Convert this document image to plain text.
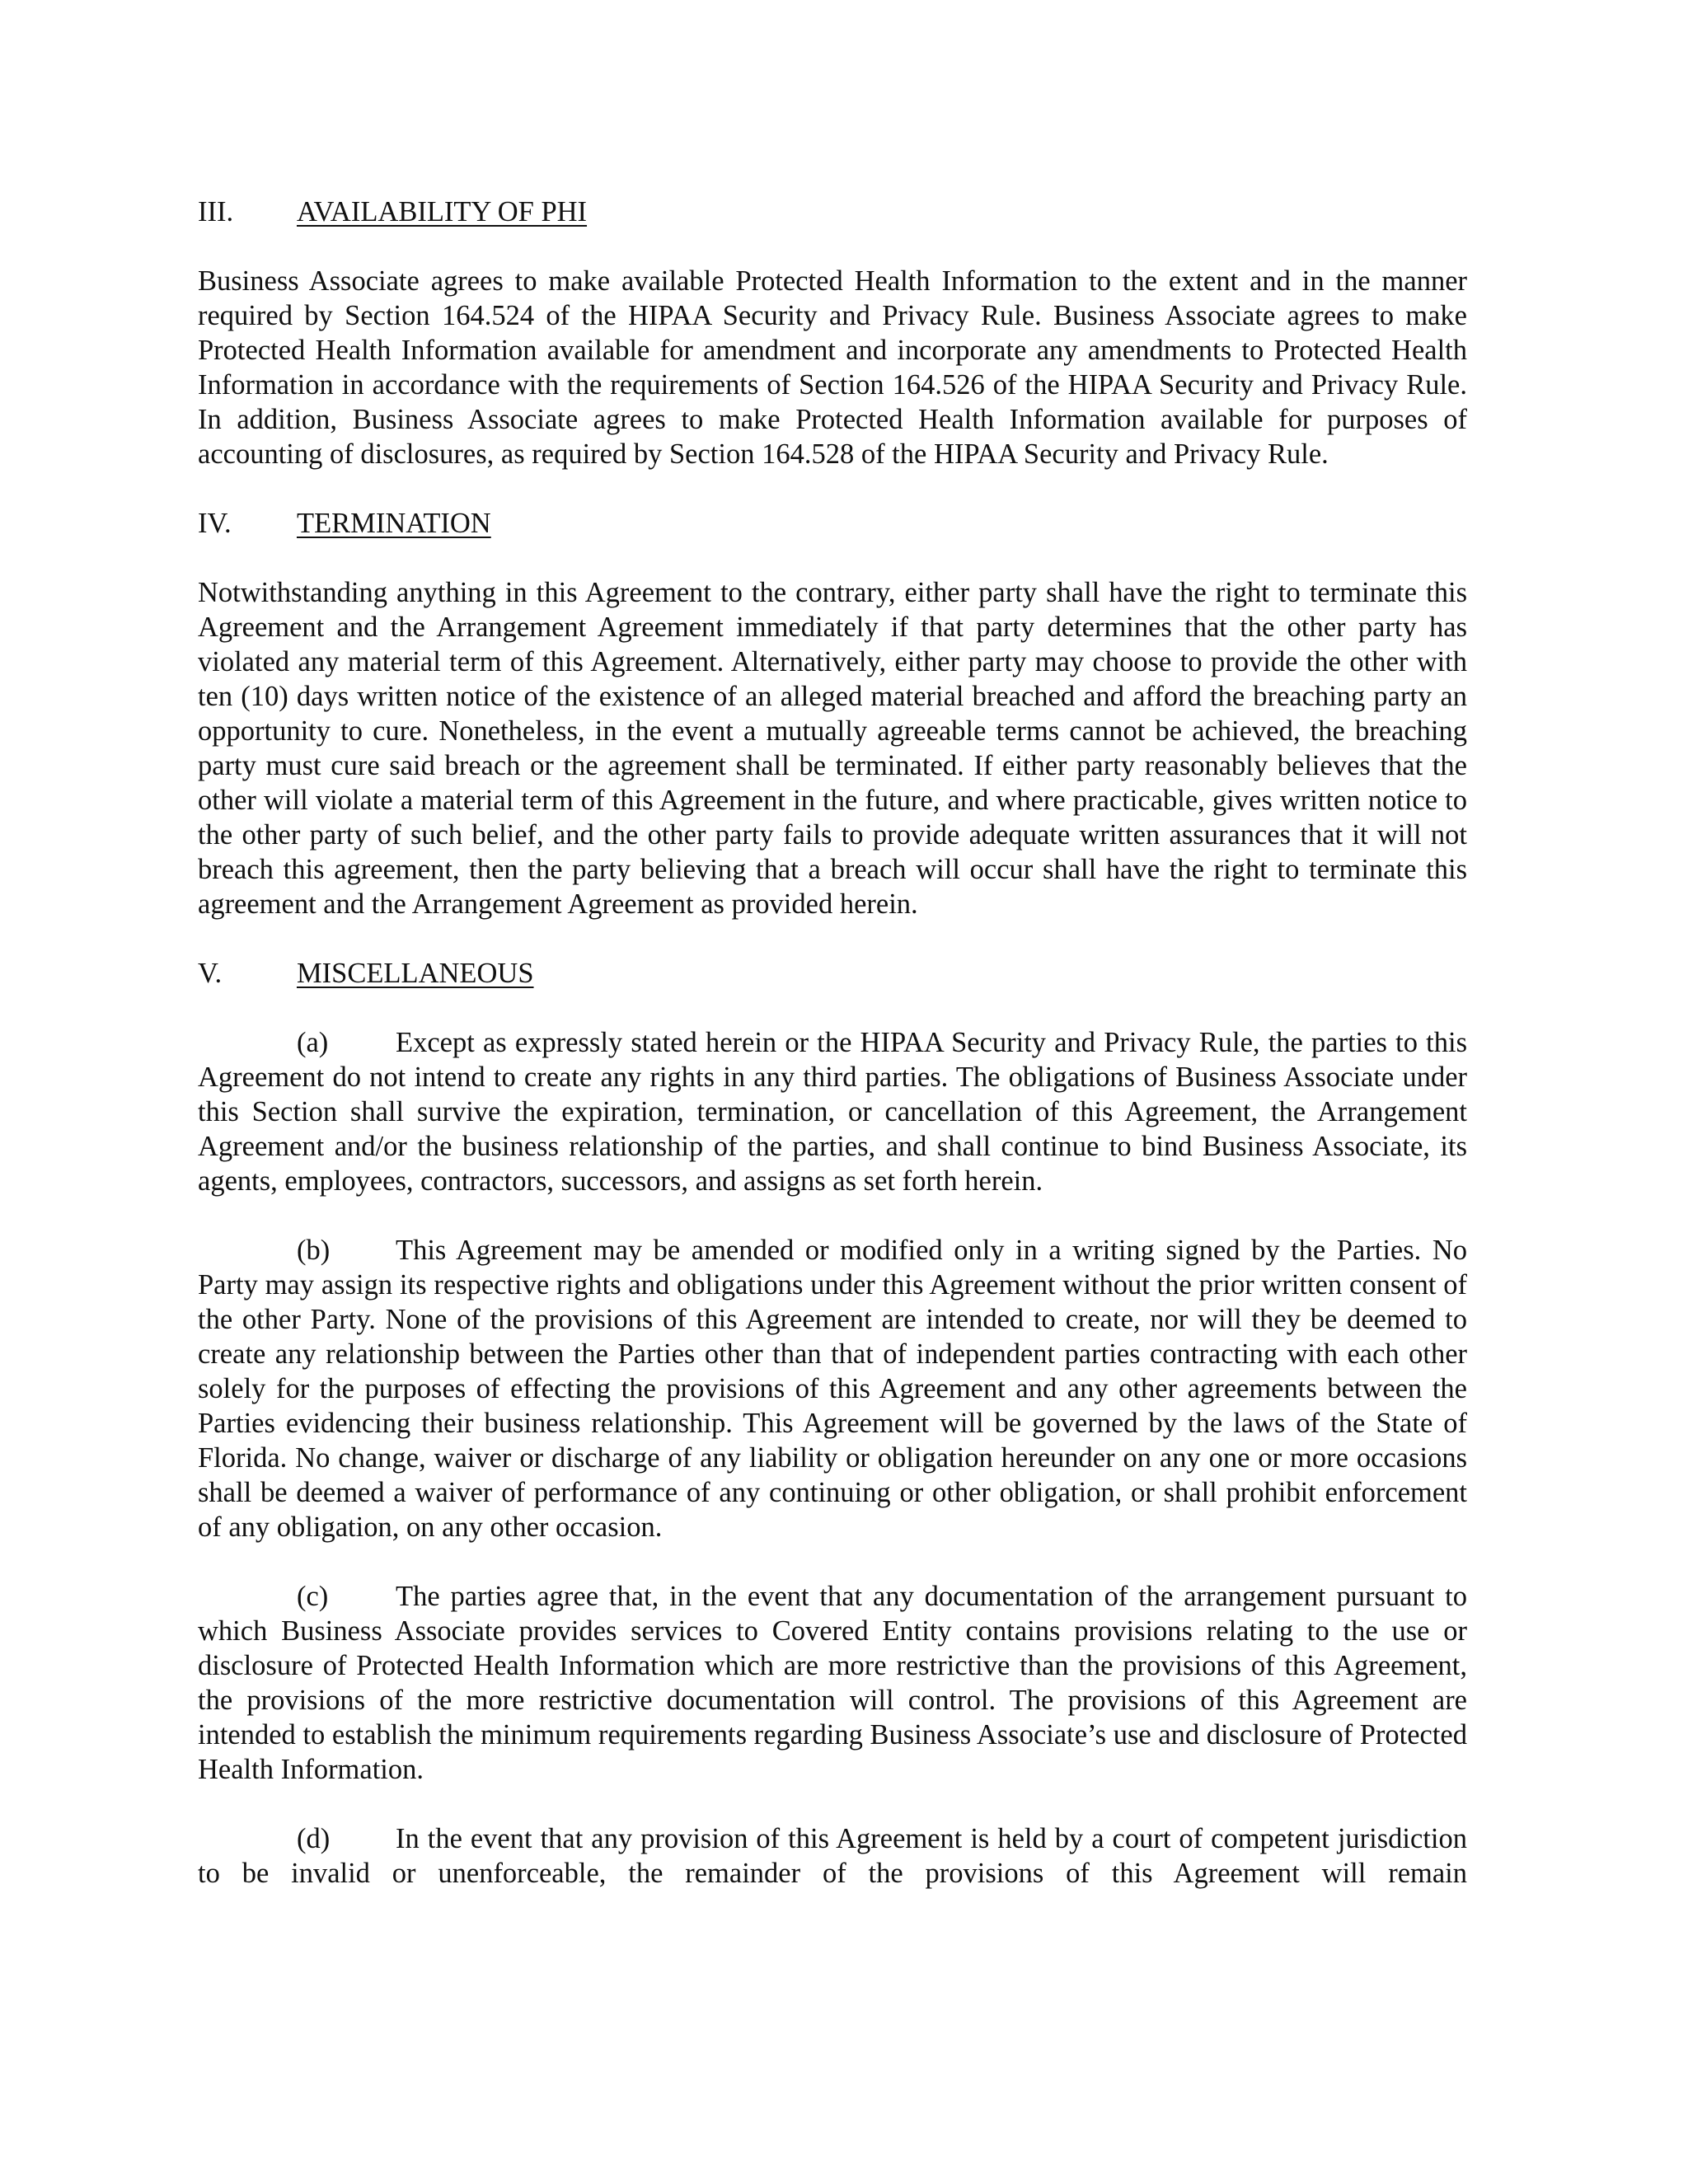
III.	AVAILABILITY OF PHI

Business Associate agrees to make available Protected Health Information to the extent and in the manner required by Section 164.524 of the HIPAA Security and Privacy Rule. Business Associate agrees to make Protected Health Information available for amendment and incorporate any amendments to Protected Health Information in accordance with the requirements of Section 164.526 of the HIPAA Security and Privacy Rule. In addition, Business Associate agrees to make Protected Health Information available for purposes of accounting of disclosures, as required by Section 164.528 of the HIPAA Security and Privacy Rule.

IV.	TERMINATION

Notwithstanding anything in this Agreement to the contrary, either party shall have the right to terminate this Agreement and the Arrangement Agreement immediately if that party determines that the other party has violated any material term of this Agreement. Alternatively, either party may choose to provide the other with ten (10) days written notice of the existence of an alleged material breached and afford the breaching party an opportunity to cure. Nonetheless, in the event a mutually agreeable terms cannot be achieved, the breaching party must cure said breach or the agreement shall be terminated. If either party reasonably believes that the other will violate a material term of this Agreement in the future, and where practicable, gives written notice to the other party of such belief, and the other party fails to provide adequate written assurances that it will not breach this agreement, then the party believing that a breach will occur shall have the right to terminate this agreement and the Arrangement Agreement as provided herein.

V.	MISCELLANEOUS

(a) Except as expressly stated herein or the HIPAA Security and Privacy Rule, the parties to this Agreement do not intend to create any rights in any third parties. The obligations of Business Associate under this Section shall survive the expiration, termination, or cancellation of this Agreement, the Arrangement Agreement and/or the business relationship of the parties, and shall continue to bind Business Associate, its agents, employees, contractors, successors, and assigns as set forth herein.

(b) This Agreement may be amended or modified only in a writing signed by the Parties. No Party may assign its respective rights and obligations under this Agreement without the prior written consent of the other Party. None of the provisions of this Agreement are intended to create, nor will they be deemed to create any relationship between the Parties other than that of independent parties contracting with each other solely for the purposes of effecting the provisions of this Agreement and any other agreements between the Parties evidencing their business relationship. This Agreement will be governed by the laws of the State of Florida. No change, waiver or discharge of any liability or obligation hereunder on any one or more occasions shall be deemed a waiver of performance of any continuing or other obligation, or shall prohibit enforcement of any obligation, on any other occasion.

(c) The parties agree that, in the event that any documentation of the arrangement pursuant to which Business Associate provides services to Covered Entity contains provisions relating to the use or disclosure of Protected Health Information which are more restrictive than the provisions of this Agreement, the provisions of the more restrictive documentation will control. The provisions of this Agreement are intended to establish the minimum requirements regarding Business Associate’s use and disclosure of Protected Health Information.

(d) In the event that any provision of this Agreement is held by a court of competent jurisdiction to be invalid or unenforceable, the remainder of the provisions of this Agreement will remain
